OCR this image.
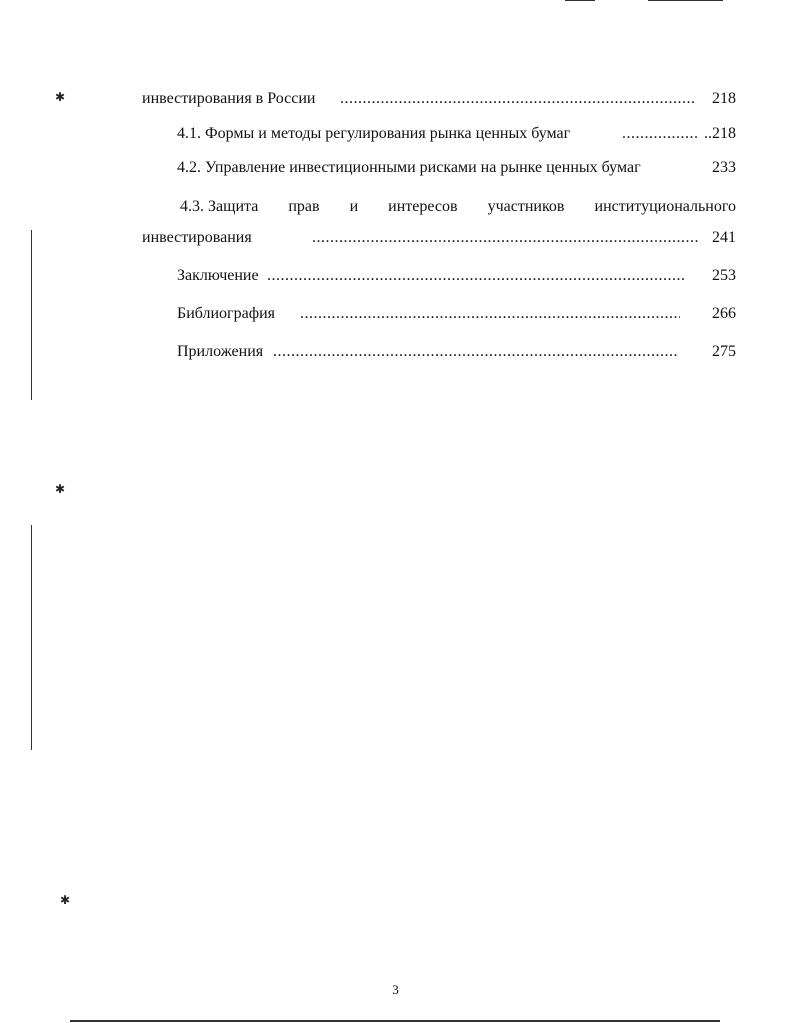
✱
✱
✱
инвестирования в России .....	218
4.1. Формы и методы регулирования рынка ценных бумаг .....	..218
4.2. Управление инвестиционными рисками на рынке ценных бумаг	233
4.3. Защита прав и интересов участников институционального
инвестирования .....	241
Заключение .....	253
Библиография .....	266
Приложения .....	275
3
